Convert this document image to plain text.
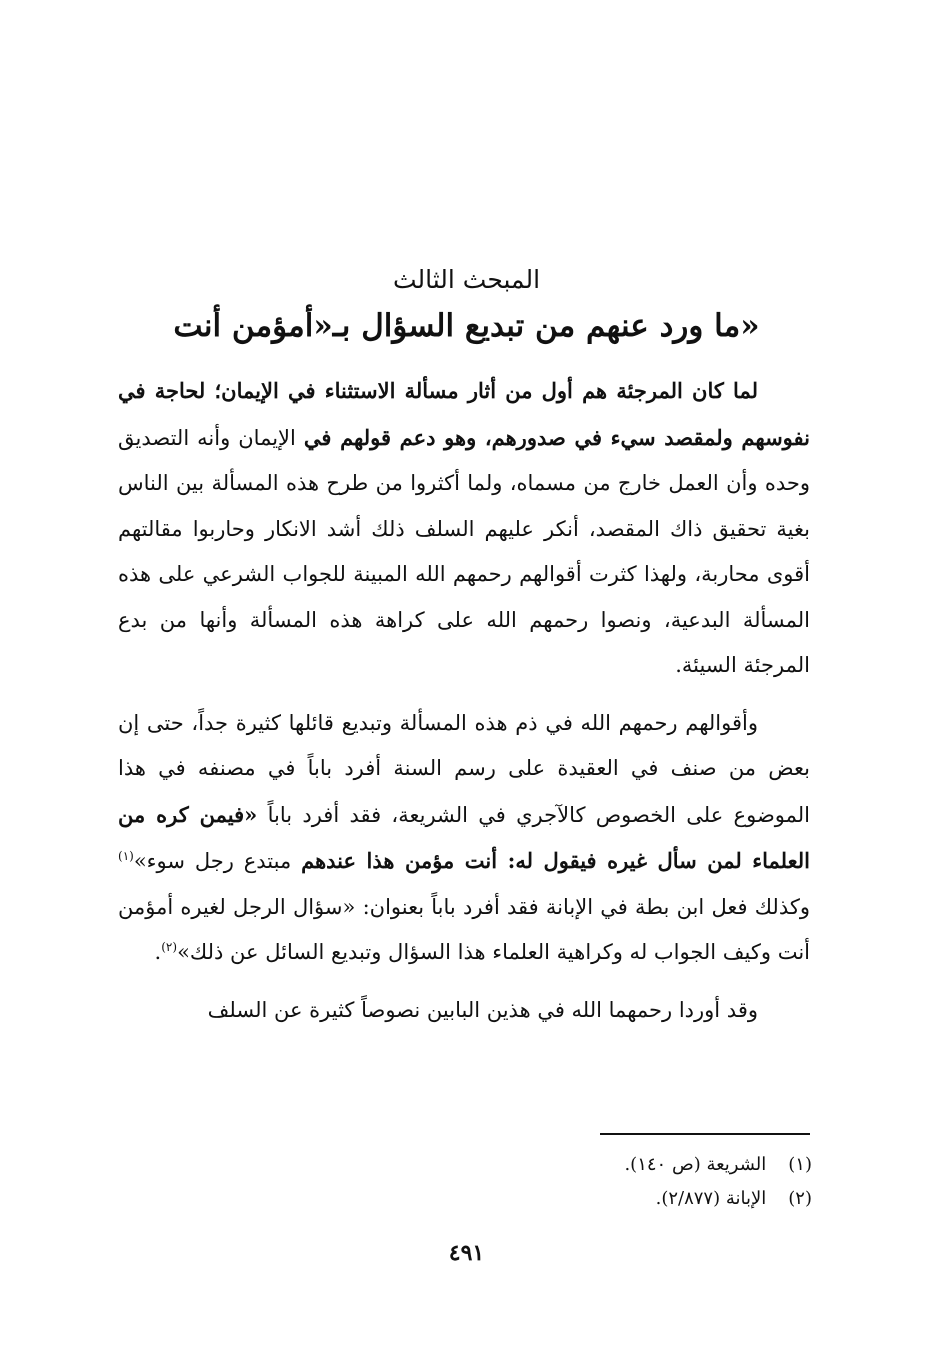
المبحث الثالث
ما ورد عنهم من تبديع السؤال بـ«أمؤمن أنت»

لما كان المرجئة هم أول من أثار مسألة الاستثناء في الإيمان؛ لحاجة في نفوسهم ولمقصد سيء في صدورهم، وهو دعم قولهم في الإيمان وأنه التصديق وحده وأن العمل خارج من مسماه، ولما أكثروا من طرح هذه المسألة بين الناس بغية تحقيق ذاك المقصد، أنكر عليهم السلف ذلك أشد الانكار وحاربوا مقالتهم أقوى محاربة، ولهذا كثرت أقوالهم رحمهم الله المبينة للجواب الشرعي على هذه المسألة البدعية، ونصوا رحمهم الله على كراهة هذه المسألة وأنها من بدع المرجئة السيئة.

وأقوالهم رحمهم الله في ذم هذه المسألة وتبديع قائلها كثيرة جداً، حتى إن بعض من صنف في العقيدة على رسم السنة أفرد باباً في مصنفه في هذا الموضوع على الخصوص كالآجري في الشريعة، فقد أفرد باباً «فيمن كره من العلماء لمن سأل غيره فيقول له: أنت مؤمن هذا عندهم مبتدع رجل سوء»$^{(١)}$ وكذلك فعل ابن بطة في الإبانة فقد أفرد باباً بعنوان: «سؤال الرجل لغيره أمؤمن أنت وكيف الجواب له وكراهية العلماء هذا السؤال وتبديع السائل عن ذلك»$^{(٢)}$.

وقد أوردا رحمهما الله في هذين البابين نصوصاً كثيرة عن السلف

(١) الشريعة (ص ١٤٠).
(٢) الإبانة (٢/٨٧٧).
٤٩١
